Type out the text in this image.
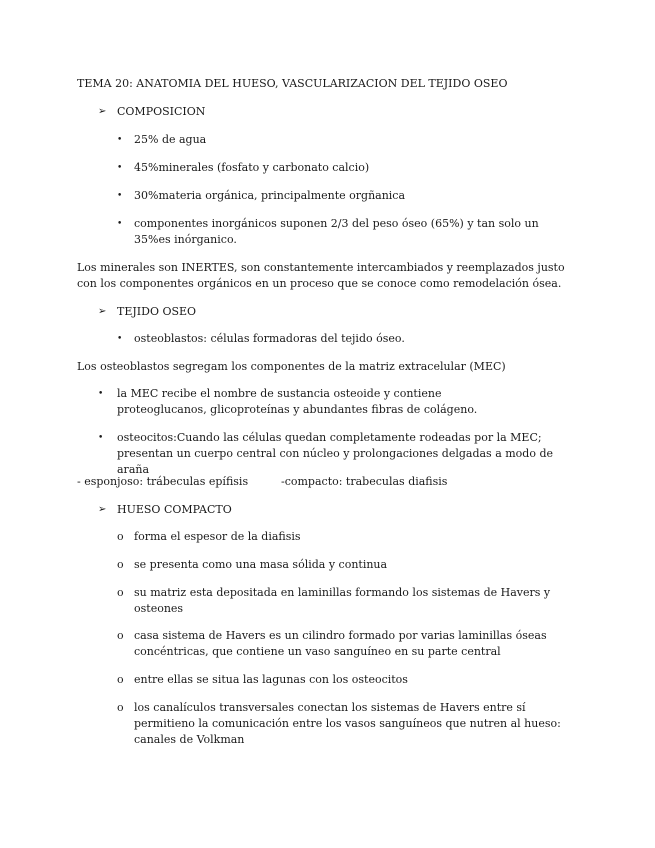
TEMA 20: ANATOMIA DEL HUESO, VASCULARIZACION DEL TEJIDO OSEO
➢ COMPOSICION
• 25% de agua
• 45%minerales (fosfato y carbonato calcio)
• 30%materia orgánica, principalmente orgñanica
• componentes inorgánicos suponen 2/3 del peso óseo (65%) y tan solo un 35%es inórganico.
Los minerales son INERTES, son constantemente intercambiados y reemplazados justo con los componentes orgánicos en un proceso que se conoce como remodelación ósea.
➢ TEJIDO OSEO
• osteoblastos: células formadoras del tejido óseo.
Los osteoblastos segregam los componentes de la matriz extracelular (MEC)
• la MEC recibe el nombre de sustancia osteoide y contiene proteoglucanos, glicoproteínas y abundantes fibras de colágeno.
• osteocitos:Cuando las células quedan completamente rodeadas por la MEC; presentan un cuerpo central con núcleo y prolongaciones delgadas a modo de araña
- esponjoso: trábeculas epífisis	-compacto: trabeculas diafisis
➢ HUESO COMPACTO
o forma el espesor de la diafisis
o se presenta como una masa sólida y continua
o su matriz esta depositada en laminillas formando los sistemas de Havers y osteones
o casa sistema de Havers es un cilindro formado por varias laminillas óseas concéntricas, que contiene un vaso sanguíneo en su parte central
o entre ellas se situa las lagunas con los osteocitos
o los canalículos transversales conectan los sistemas de Havers entre sí permitieno la comunicación entre los vasos sanguíneos que nutren al hueso: canales de Volkman
